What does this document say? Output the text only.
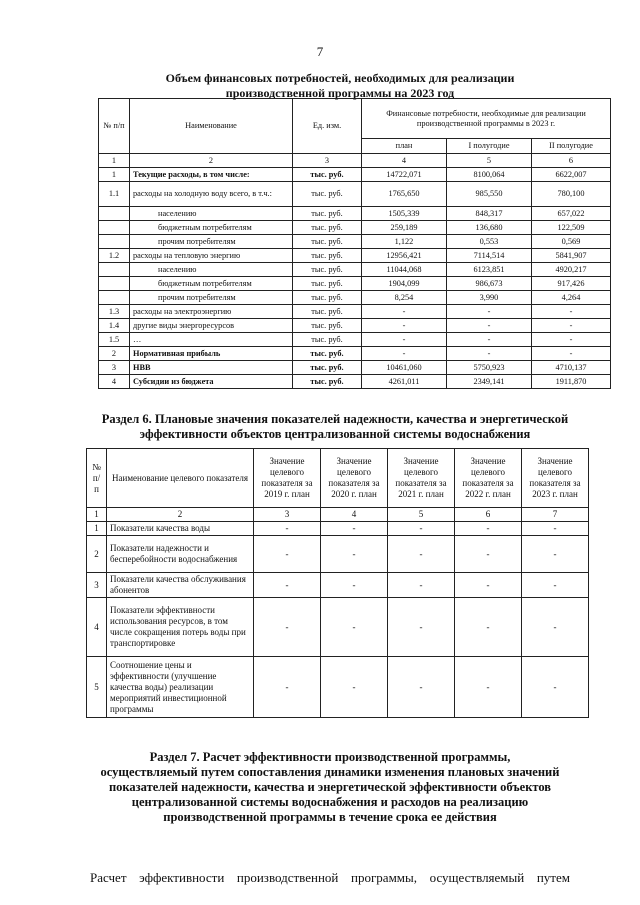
7
Объем финансовых потребностей, необходимых для реализации
производственной программы на 2023 год
№ п/п	Наименование	Ед. изм.	Финансовые потребности, необходимые для реализации производственной программы в 2023 г.		
			план	I полугодие	II полугодие
1	2	3	4	5	6
1	Текущие расходы, в том числе:	тыс. руб.	14722,071	8100,064	6622,007
1.1	расходы на холодную воду всего, в т.ч.:	тыс. руб.	1765,650	985,550	780,100
	населению	тыс. руб.	1505,339	848,317	657,022
	бюджетным потребителям	тыс. руб.	259,189	136,680	122,509
	прочим потребителям	тыс. руб.	1,122	0,553	0,569
1.2	расходы на тепловую энергию	тыс. руб.	12956,421	7114,514	5841,907
	населению	тыс. руб.	11044,068	6123,851	4920,217
	бюджетным потребителям	тыс. руб.	1904,099	986,673	917,426
	прочим потребителям	тыс. руб.	8,254	3,990	4,264
1.3	расходы на электроэнергию	тыс. руб.	-	-	-
1.4	другие виды энергоресурсов	тыс. руб.	-	-	-
1.5	…	тыс. руб.	-	-	-
2	Нормативная прибыль	тыс. руб.	-	-	-
3	НВВ	тыс. руб.	10461,060	5750,923	4710,137
4	Субсидии из бюджета	тыс. руб.	4261,011	2349,141	1911,870
Раздел 6. Плановые значения показателей надежности, качества и энергетической
эффективности объектов централизованной системы водоснабжения
№ п/ п	Наименование целевого показателя	Значение целевого показателя за 2019 г. план	Значение целевого показателя за 2020 г. план	Значение целевого показателя за 2021 г. план	Значение целевого показателя за 2022 г. план	Значение целевого показателя за 2023 г. план
1	2	3	4	5	6	7
1	Показатели качества воды	-	-	-	-	-
2	Показатели надежности и бесперебойности водоснабжения	-	-	-	-	-
3	Показатели качества обслуживания абонентов	-	-	-	-	-
4	Показатели эффективности использования ресурсов, в том числе сокращения потерь воды при транспортировке	-	-	-	-	-
5	Соотношение цены и эффективности (улучшение качества воды) реализации мероприятий инвестиционной программы	-	-	-	-	-
Раздел 7. Расчет эффективности производственной программы,
осуществляемый путем сопоставления динамики изменения плановых значений
показателей надежности, качества и энергетической эффективности объектов
централизованной системы водоснабжения и расходов на реализацию
производственной программы в течение срока ее действия
Расчет эффективности производственной программы, осуществляемый путем
